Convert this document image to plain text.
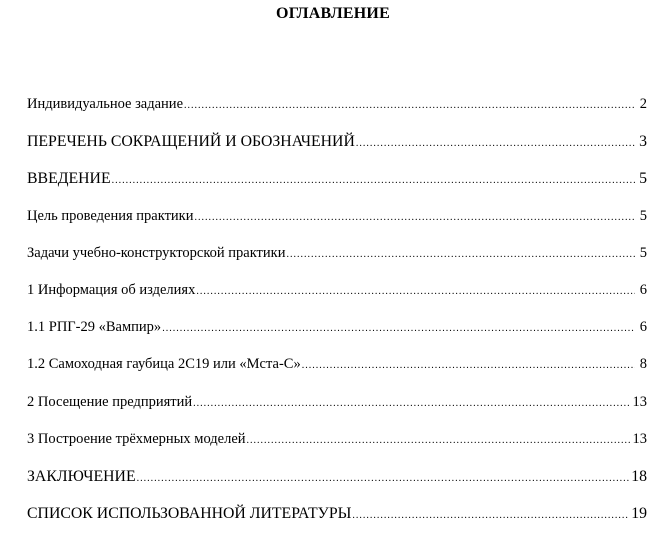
ОГЛАВЛЕНИЕ
Индивидуальное задание .....	2
ПЕРЕЧЕНЬ СОКРАЩЕНИЙ И ОБОЗНАЧЕНИЙ .....	3
ВВЕДЕНИЕ .....	5
Цель проведения практики .....	5
Задачи учебно-конструкторской практики .....	5
1 Информация об изделиях .....	6
1.1 РПГ-29 «Вампир» .....	6
1.2 Самоходная гаубица 2С19 или «Мста-С» .....	8
2 Посещение предприятий .....	13
3 Построение трёхмерных моделей .....	13
ЗАКЛЮЧЕНИЕ .....	18
СПИСОК ИСПОЛЬЗОВАННОЙ ЛИТЕРАТУРЫ .....	19
